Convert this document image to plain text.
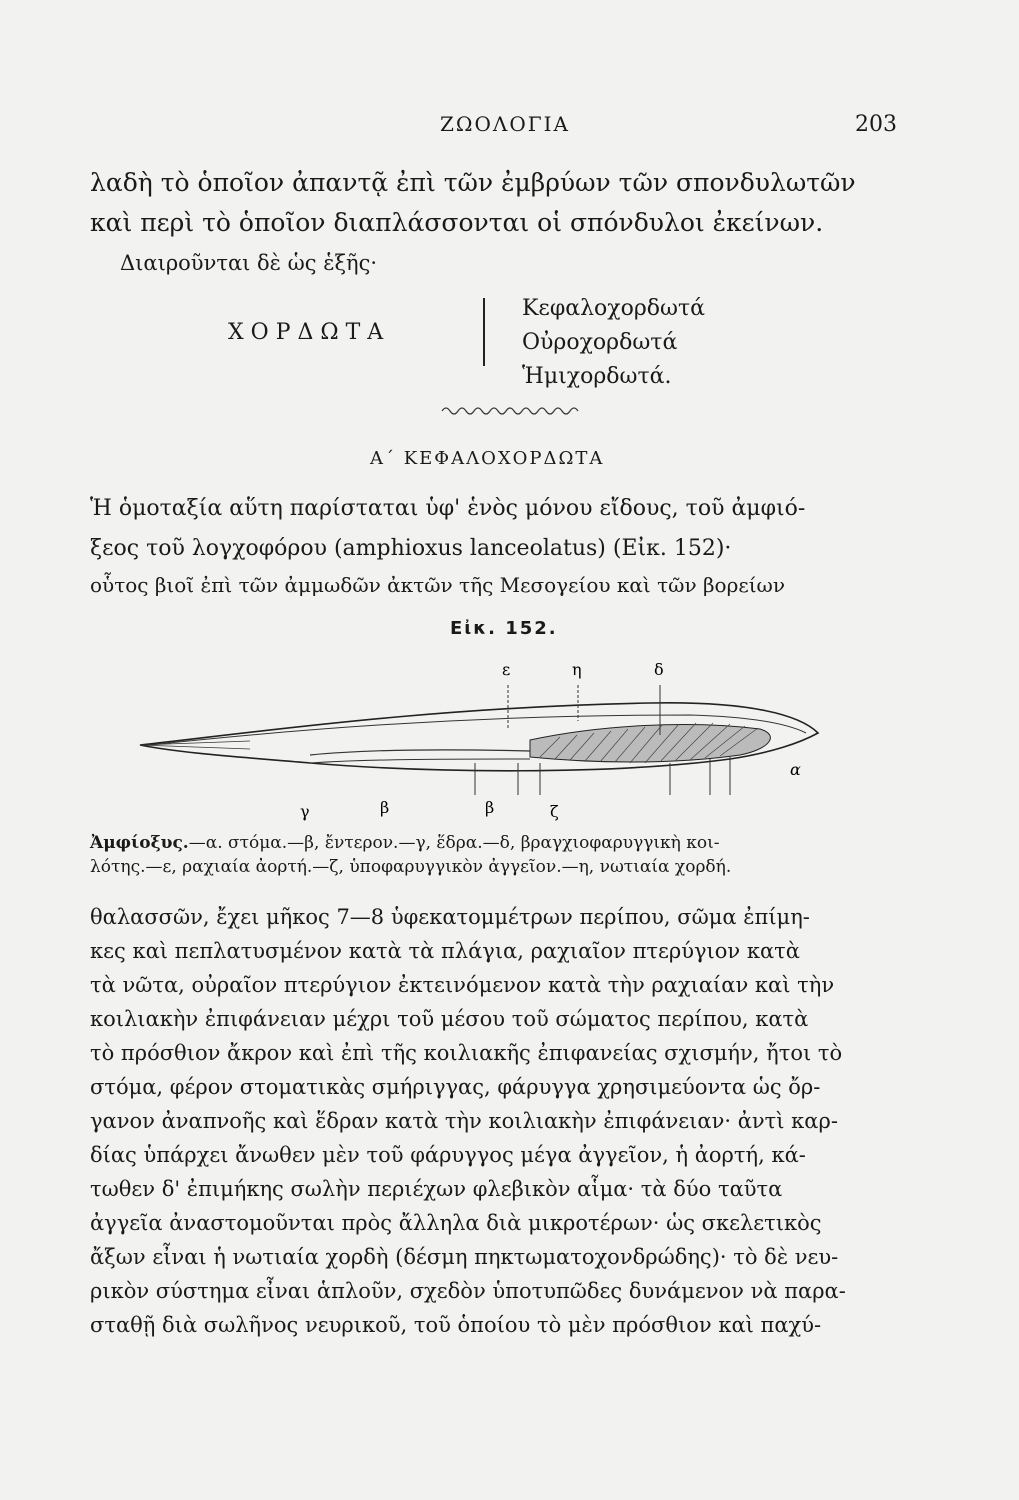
ΖΩΟΛΟΓΙΑ	203
λαδὴ τὸ ὁποῖον ἀπαντᾷ ἐπὶ τῶν ἐμβρύων τῶν σπονδυλωτῶν
καὶ περὶ τὸ ὁποῖον διαπλάσσονται οἱ σπόνδυλοι ἐκείνων.
Διαιροῦνται δὲ ὡς ἑξῆς·
ΧΟΡΔΩΤΑ
Κεφαλοχορδωτά
Οὐροχορδωτά
Ἡμιχορδωτά.
Α΄ ΚΕΦΑΛΟΧΟΡΔΩΤΑ
Ἡ ὁμοταξία αὕτη παρίσταται ὑφ' ἑνὸς μόνου εἴδους, τοῦ ἀμφιό-
ξεος τοῦ λογχοφόρου (amphioxus lanceolatus) (Εἰκ. 152)·
οὗτος βιοῖ ἐπὶ τῶν ἀμμωδῶν ἀκτῶν τῆς Μεσογείου καὶ τῶν βορείων
Εἰκ. 152.
ε	η	δ
γ	β	β	ζ
α
Ἀμφίοξυς.—α. στόμα.—β, ἔντερον.—γ, ἕδρα.—δ, βραγχιοφαρυγγικὴ κοι-
λότης.—ε, ραχιαία ἀορτή.—ζ, ὑποφαρυγγικὸν ἀγγεῖον.—η, νωτιαία χορδή.
θαλασσῶν, ἔχει μῆκος 7—8 ὑφεκατομμέτρων περίπου, σῶμα ἐπίμη-
κες καὶ πεπλατυσμένον κατὰ τὰ πλάγια, ραχιαῖον πτερύγιον κατὰ
τὰ νῶτα, οὐραῖον πτερύγιον ἐκτεινόμενον κατὰ τὴν ραχιαίαν καὶ τὴν
κοιλιακὴν ἐπιφάνειαν μέχρι τοῦ μέσου τοῦ σώματος περίπου, κατὰ
τὸ πρόσθιον ἄκρον καὶ ἐπὶ τῆς κοιλιακῆς ἐπιφανείας σχισμήν, ἤτοι τὸ
στόμα, φέρον στοματικὰς σμήριγγας, φάρυγγα χρησιμεύοντα ὡς ὄρ-
γανον ἀναπνοῆς καὶ ἕδραν κατὰ τὴν κοιλιακὴν ἐπιφάνειαν· ἀντὶ καρ-
δίας ὑπάρχει ἄνωθεν μὲν τοῦ φάρυγγος μέγα ἀγγεῖον, ἡ ἀορτή, κά-
τωθεν δ' ἐπιμήκης σωλὴν περιέχων φλεβικὸν αἷμα· τὰ δύο ταῦτα
ἀγγεῖα ἀναστομοῦνται πρὸς ἄλληλα διὰ μικροτέρων· ὡς σκελετικὸς
ἄξων εἶναι ἡ νωτιαία χορδὴ (δέσμη πηκτωματοχονδρώδης)· τὸ δὲ νευ-
ρικὸν σύστημα εἶναι ἁπλοῦν, σχεδὸν ὑποτυπῶδες δυνάμενον νὰ παρα-
σταθῇ διὰ σωλῆνος νευρικοῦ, τοῦ ὁποίου τὸ μὲν πρόσθιον καὶ παχύ-
